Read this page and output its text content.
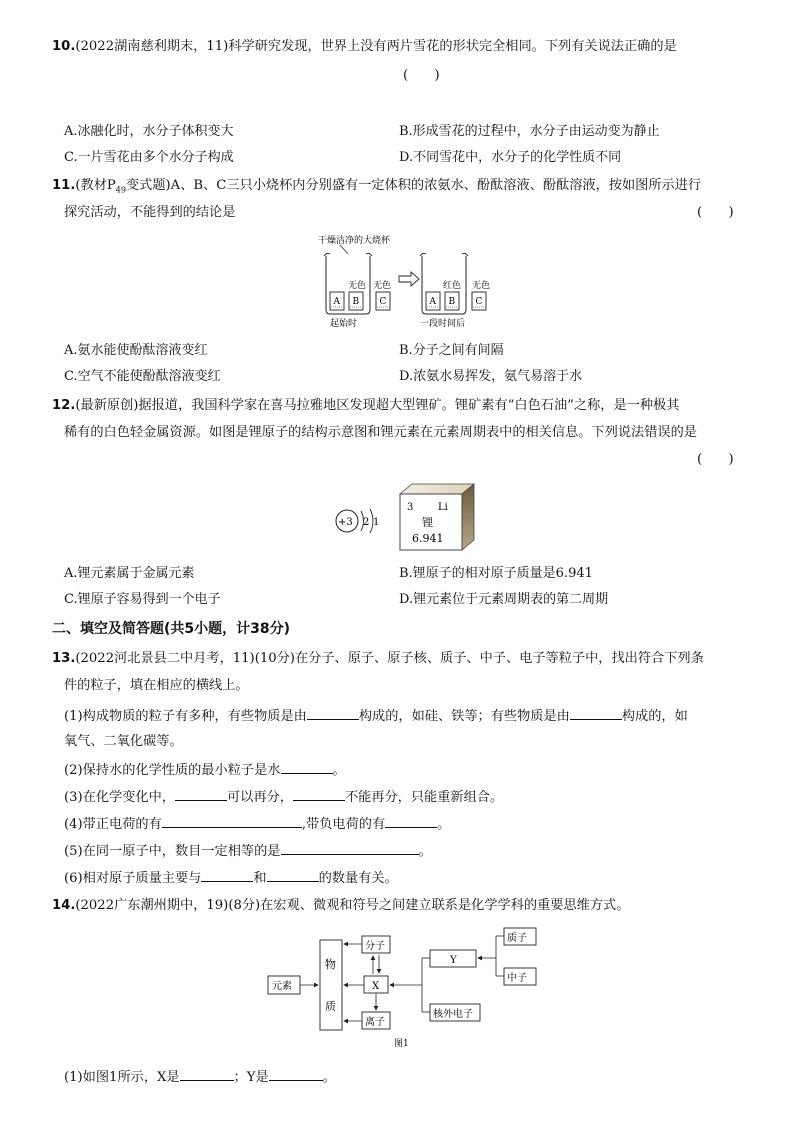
10.(2022湖南慈利期末，11)科学研究发现，世界上没有两片雪花的形状完全相同。下列有关说法正确的是
(　　)
A.冰融化时，水分子体积变大	B.形成雪花的过程中，水分子由运动变为静止
C.一片雪花由多个水分子构成	D.不同雪花中，水分子的化学性质不同
11.(教材$P_{49}$变式题)A、B、C三只小烧杯内分别盛有一定体积的浓氨水、酚酞溶液、酚酞溶液，按如图所示进行
探究活动，不能得到的结论是	(　　)
干燥洁净的大烧杯
A B
无色
C
无色
起始时
A B
红色
C
无色
一段时间后
A.氨水能使酚酞溶液变红	B.分子之间有间隔
C.空气不能使酚酞溶液变红	D.浓氨水易挥发，氨气易溶于水
12.(最新原创)据报道，我国科学家在喜马拉雅地区发现超大型锂矿。锂矿素有“白色石油”之称，是一种极其
稀有的白色轻金属资源。如图是锂原子的结构示意图和锂元素在元素周期表中的相关信息。下列说法错误的是
(　　)
+3 2 1
3 Li
锂
6.941
A.锂元素属于金属元素	B.锂原子的相对原子质量是6.941
C.锂原子容易得到一个电子	D.锂元素位于元素周期表的第二周期
二、填空及简答题(共5小题，计38分)
13.(2022河北景县二中月考，11)(10分)在分子、原子、原子核、质子、中子、电子等粒子中，找出符合下列条
件的粒子，填在相应的横线上。
(1)构成物质的粒子有多种，有些物质是由	构成的，如硅、铁等；有些物质是由	构成的，如
氧气、二氧化碳等。
(2)保持水的化学性质的最小粒子是水	。
(3)在化学变化中，	可以再分，	不能再分，只能重新组合。
(4)带正电荷的有	,带负电荷的有	。
(5)在同一原子中，数目一定相等的是	。
(6)相对原子质量主要与	和	的数量有关。
14.(2022广东潮州期中，19)(8分)在宏观、微观和符号之间建立联系是化学学科的重要思维方式。
元素
物
质
分子
X
离子
Y
核外电子
质子
中子
图1
(1)如图1所示，X是	；Y是	。
